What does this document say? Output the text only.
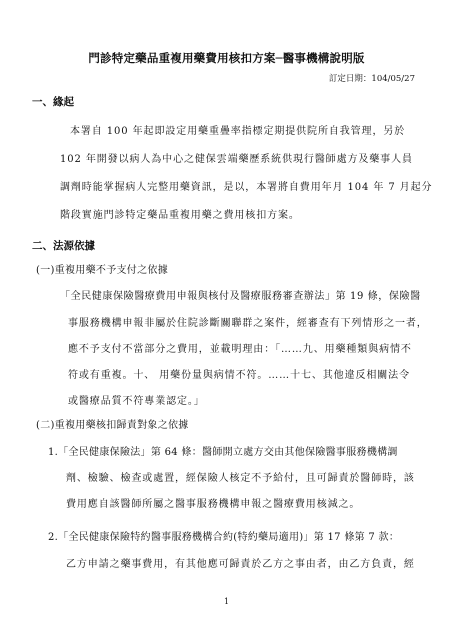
門診特定藥品重複用藥費用核扣方案─醫事機構說明版
訂定日期：104/05/27
一、緣起
本署自 100 年起即設定用藥重疊率指標定期提供院所自我管理，另於
102 年開發以病人為中心之健保雲端藥歷系統供現行醫師處方及藥事人員
調劑時能掌握病人完整用藥資訊，是以，本署將自費用年月 104 年 7 月起分
階段實施門診特定藥品重複用藥之費用核扣方案。
二、法源依據
(一)重複用藥不予支付之依據
「全民健康保險醫療費用申報與核付及醫療服務審查辦法」第 19 條，保險醫
事服務機構申報非屬於住院診斷關聯群之案件，經審查有下列情形之一者，
應不予支付不當部分之費用，並載明理由：「……九、用藥種類與病情不
符或有重複。十、 用藥份量與病情不符。……十七、其他違反相關法令
或醫療品質不符專業認定。」
(二)重複用藥核扣歸責對象之依據
1.「全民健康保險法」第 64 條：醫師開立處方交由其他保險醫事服務機構調
劑、檢驗、檢查或處置，經保險人核定不予給付，且可歸責於醫師時，該
費用應自該醫師所屬之醫事服務機構申報之醫療費用核減之。
2.「全民健康保險特約醫事服務機構合約(特約藥局適用)」第 17 條第 7 款：
乙方申請之藥事費用，有其他應可歸責於乙方之事由者，由乙方負責，經
1
